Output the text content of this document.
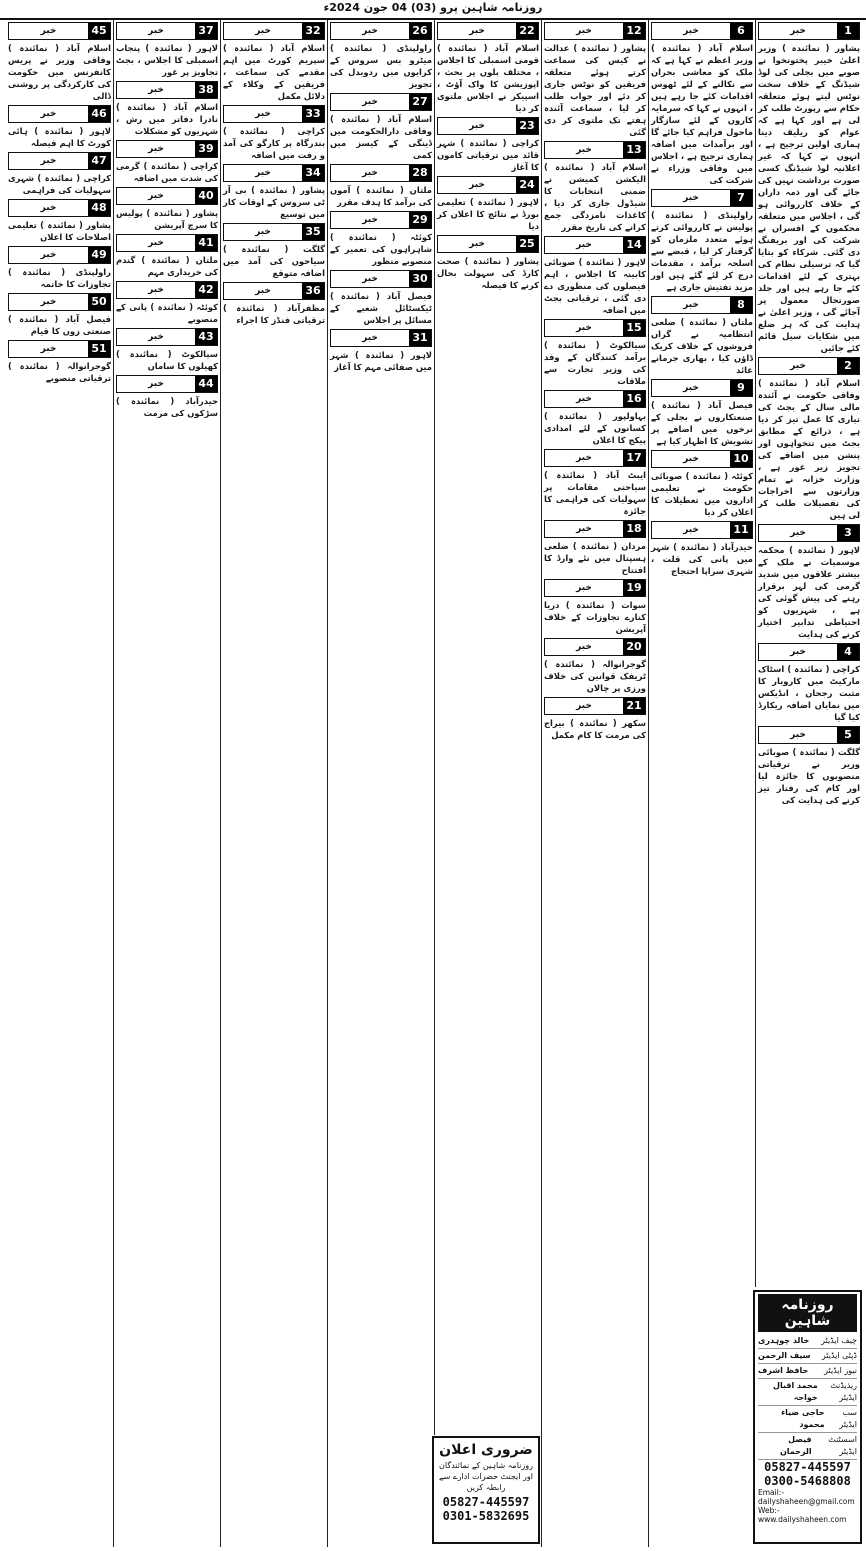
روزنامہ شاہین پرو (03) 04 جون 2024ء
1
خبر
پشاور ( نمائندہ ) وزیر اعلیٰ خیبر پختونخوا نے صوبے میں بجلی کی لوڈ شیڈنگ کے خلاف سخت نوٹس لیتے ہوئے متعلقہ حکام سے رپورٹ طلب کر لی ہے اور کہا ہے کہ عوام کو ریلیف دینا ہماری اولین ترجیح ہے ، انہوں نے کہا کہ غیر اعلانیہ لوڈ شیڈنگ کسی صورت برداشت نہیں کی جائے گی اور ذمہ داران کے خلاف کارروائی ہو گی ، اجلاس میں متعلقہ محکموں کے افسران نے شرکت کی اور بریفنگ دی گئی۔ شرکاء کو بتایا گیا کہ ترسیلی نظام کی بہتری کے لئے اقدامات کئے جا رہے ہیں اور جلد صورتحال معمول پر آجائے گی ، وزیر اعلیٰ نے ہدایت کی کہ ہر ضلع میں شکایات سیل قائم کئے جائیں
2
خبر
اسلام آباد ( نمائندہ ) وفاقی حکومت نے آئندہ مالی سال کے بجٹ کی تیاری کا عمل تیز کر دیا ہے ، ذرائع کے مطابق بجٹ میں تنخواہوں اور پنشن میں اضافے کی تجویز زیر غور ہے ، وزارت خزانہ نے تمام وزارتوں سے اخراجات کی تفصیلات طلب کر لی ہیں
3
خبر
لاہور ( نمائندہ ) محکمہ موسمیات نے ملک کے بیشتر علاقوں میں شدید گرمی کی لہر برقرار رہنے کی پیش گوئی کی ہے ، شہریوں کو احتیاطی تدابیر اختیار کرنے کی ہدایت
4
خبر
کراچی ( نمائندہ ) اسٹاک مارکیٹ میں کاروبار کا مثبت رجحان ، انڈیکس میں نمایاں اضافہ ریکارڈ کیا گیا
5
خبر
گلگت ( نمائندہ ) صوبائی وزیر نے ترقیاتی منصوبوں کا جائزہ لیا اور کام کی رفتار تیز کرنے کی ہدایت کی
6
خبر
اسلام آباد ( نمائندہ ) وزیر اعظم نے کہا ہے کہ ملک کو معاشی بحران سے نکالنے کے لئے ٹھوس اقدامات کئے جا رہے ہیں ، انہوں نے کہا کہ سرمایہ کاروں کے لئے سازگار ماحول فراہم کیا جائے گا اور برآمدات میں اضافہ ہماری ترجیح ہے ، اجلاس میں وفاقی وزراء نے شرکت کی
7
خبر
راولپنڈی ( نمائندہ ) پولیس نے کارروائی کرتے ہوئے متعدد ملزمان کو گرفتار کر لیا ، قبضے سے اسلحہ برآمد ، مقدمات درج کر لئے گئے ہیں اور مزید تفتیش جاری ہے
8
خبر
ملتان ( نمائندہ ) ضلعی انتظامیہ نے گراں فروشوں کے خلاف کریک ڈاؤن کیا ، بھاری جرمانے عائد
9
خبر
فیصل آباد ( نمائندہ ) صنعتکاروں نے بجلی کے نرخوں میں اضافے پر تشویش کا اظہار کیا ہے
10
خبر
کوئٹہ ( نمائندہ ) صوبائی حکومت نے تعلیمی اداروں میں تعطیلات کا اعلان کر دیا
11
خبر
حیدرآباد ( نمائندہ ) شہر میں پانی کی قلت ، شہری سراپا احتجاج
12
خبر
پشاور ( نمائندہ ) عدالت نے کیس کی سماعت کرتے ہوئے متعلقہ فریقین کو نوٹس جاری کر دئے اور جواب طلب کر لیا ، سماعت آئندہ ہفتے تک ملتوی کر دی گئی
13
خبر
اسلام آباد ( نمائندہ ) الیکشن کمیشن نے ضمنی انتخابات کا شیڈول جاری کر دیا ، کاغذات نامزدگی جمع کرانے کی تاریخ مقرر
14
خبر
لاہور ( نمائندہ ) صوبائی کابینہ کا اجلاس ، اہم فیصلوں کی منظوری دے دی گئی ، ترقیاتی بجٹ میں اضافہ
15
خبر
سیالکوٹ ( نمائندہ ) برآمد کنندگان کے وفد کی وزیر تجارت سے ملاقات
16
خبر
بہاولپور ( نمائندہ ) کسانوں کے لئے امدادی پیکج کا اعلان
17
خبر
ایبٹ آباد ( نمائندہ ) سیاحتی مقامات پر سہولیات کی فراہمی کا جائزہ
18
خبر
مردان ( نمائندہ ) ضلعی ہسپتال میں نئے وارڈ کا افتتاح
19
خبر
سوات ( نمائندہ ) دریا کنارے تجاوزات کے خلاف آپریشن
20
خبر
گوجرانوالہ ( نمائندہ ) ٹریفک قوانین کی خلاف ورزی پر چالان
21
خبر
سکھر ( نمائندہ ) بیراج کی مرمت کا کام مکمل
22
خبر
اسلام آباد ( نمائندہ ) قومی اسمبلی کا اجلاس ، مختلف بلوں پر بحث ، اپوزیشن کا واک آؤٹ ، اسپیکر نے اجلاس ملتوی کر دیا
23
خبر
کراچی ( نمائندہ ) شہر قائد میں ترقیاتی کاموں کا آغاز
24
خبر
لاہور ( نمائندہ ) تعلیمی بورڈ نے نتائج کا اعلان کر دیا
25
خبر
پشاور ( نمائندہ ) صحت کارڈ کی سہولت بحال کرنے کا فیصلہ
26
خبر
راولپنڈی ( نمائندہ ) میٹرو بس سروس کے کرایوں میں ردوبدل کی تجویز
27
خبر
اسلام آباد ( نمائندہ ) وفاقی دارالحکومت میں ڈینگی کے کیسز میں کمی
28
خبر
ملتان ( نمائندہ ) آموں کی برآمد کا ہدف مقرر
29
خبر
کوئٹہ ( نمائندہ ) شاہراہوں کی تعمیر کے منصوبے منظور
30
خبر
فیصل آباد ( نمائندہ ) ٹیکسٹائل شعبے کے مسائل پر اجلاس
31
خبر
لاہور ( نمائندہ ) شہر میں صفائی مہم کا آغاز
32
خبر
اسلام آباد ( نمائندہ ) سپریم کورٹ میں اہم مقدمے کی سماعت ، فریقین کے وکلاء کے دلائل مکمل
33
خبر
کراچی ( نمائندہ ) بندرگاہ پر کارگو کی آمد و رفت میں اضافہ
34
خبر
پشاور ( نمائندہ ) بی آر ٹی سروس کے اوقات کار میں توسیع
35
خبر
گلگت ( نمائندہ ) سیاحوں کی آمد میں اضافہ متوقع
36
خبر
مظفرآباد ( نمائندہ ) ترقیاتی فنڈز کا اجراء
37
خبر
لاہور ( نمائندہ ) پنجاب اسمبلی کا اجلاس ، بجٹ تجاویز پر غور
38
خبر
اسلام آباد ( نمائندہ ) نادرا دفاتر میں رش ، شہریوں کو مشکلات
39
خبر
کراچی ( نمائندہ ) گرمی کی شدت میں اضافہ
40
خبر
پشاور ( نمائندہ ) پولیس کا سرچ آپریشن
41
خبر
ملتان ( نمائندہ ) گندم کی خریداری مہم
42
خبر
کوئٹہ ( نمائندہ ) پانی کے منصوبے
43
خبر
سیالکوٹ ( نمائندہ ) کھیلوں کا سامان
44
خبر
حیدرآباد ( نمائندہ ) سڑکوں کی مرمت
45
خبر
اسلام آباد ( نمائندہ ) وفاقی وزیر نے پریس کانفرنس میں حکومت کی کارکردگی پر روشنی ڈالی
46
خبر
لاہور ( نمائندہ ) ہائی کورٹ کا اہم فیصلہ
47
خبر
کراچی ( نمائندہ ) شہری سہولیات کی فراہمی
48
خبر
پشاور ( نمائندہ ) تعلیمی اصلاحات کا اعلان
49
خبر
راولپنڈی ( نمائندہ ) تجاوزات کا خاتمہ
50
خبر
فیصل آباد ( نمائندہ ) صنعتی زون کا قیام
51
خبر
گوجرانوالہ ( نمائندہ ) ترقیاتی منصوبے
ضروری اعلان
روزنامہ شاہین کے نمائندگان اور ایجنٹ حضرات ادارے سے رابطہ کریں
05827-445597
0301-5832695
روزنامہ شاہین
چیف ایڈیٹر
خالد چوہدری
ڈپٹی ایڈیٹر
سیف الرحمن
نیوز ایڈیٹر
حافظ اشرف
ریذیڈنٹ ایڈیٹر
محمد اقبال خواجہ
سب ایڈیٹر
حاجی ضیاء محمود
اسسٹنٹ ایڈیٹر
فیصل الرحمان
05827-445597
0300-5468808
Email:-dailyshaheen@gmail.com
Web:-www.dailyshaheen.com
